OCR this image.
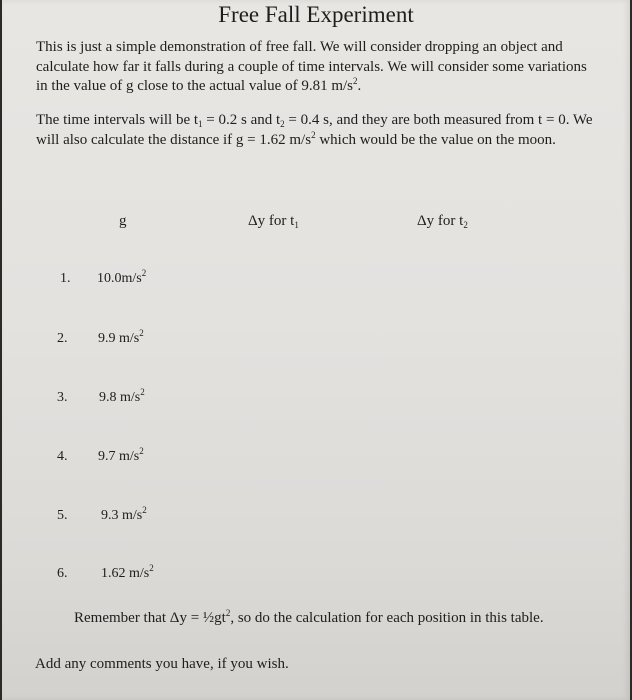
Free Fall Experiment

This is just a simple demonstration of free fall. We will consider dropping an object and calculate how far it falls during a couple of time intervals. We will consider some variations in the value of g close to the actual value of 9.81 $m/s^2$.

The time intervals will be $t_1 = 0.2$ s and $t_2 = 0.4$ s, and they are both measured from t = 0. We will also calculate the distance if g = 1.62 $m/s^2$ which would be the value on the moon.

g	Δy for $t_1$	Δy for $t_2$
1. $10.0m/s^2$
2. 9.9 $m/s^2$
3. 9.8 $m/s^2$
4. 9.7 $m/s^2$
5. 9.3 $m/s^2$
6. 1.62 $m/s^2$

Remember that $\Delta y = \frac{1}{2}gt^2$, so do the calculation for each position in this table.

Add any comments you have, if you wish.
